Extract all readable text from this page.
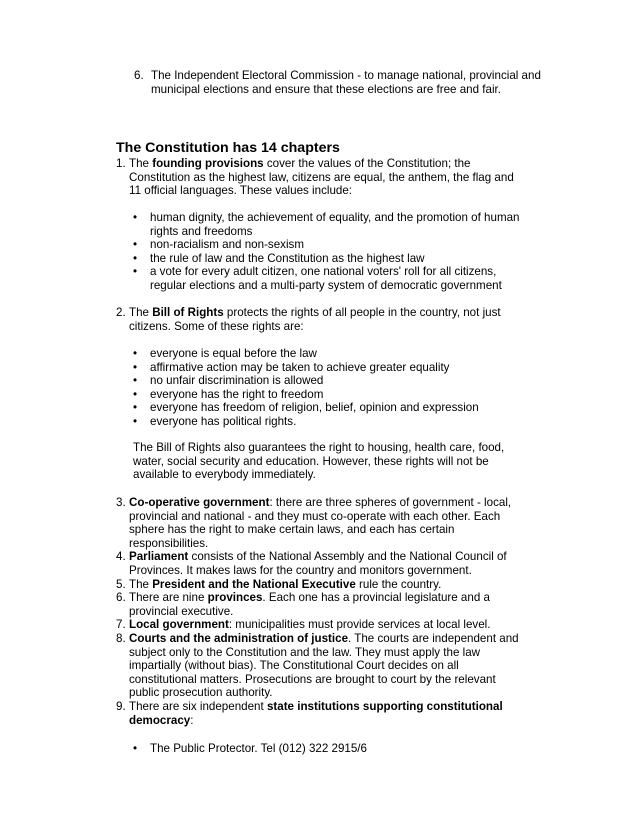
6. The Independent Electoral Commission - to manage national, provincial and municipal elections and ensure that these elections are free and fair.
The Constitution has 14 chapters
1. The founding provisions cover the values of the Constitution; the Constitution as the highest law, citizens are equal, the anthem, the flag and 11 official languages. These values include:
• human dignity, the achievement of equality, and the promotion of human rights and freedoms
• non-racialism and non-sexism
• the rule of law and the Constitution as the highest law
• a vote for every adult citizen, one national voters' roll for all citizens, regular elections and a multi-party system of democratic government
2. The Bill of Rights protects the rights of all people in the country, not just citizens. Some of these rights are:
• everyone is equal before the law
• affirmative action may be taken to achieve greater equality
• no unfair discrimination is allowed
• everyone has the right to freedom
• everyone has freedom of religion, belief, opinion and expression
• everyone has political rights.
The Bill of Rights also guarantees the right to housing, health care, food, water, social security and education. However, these rights will not be available to everybody immediately.
3. Co-operative government: there are three spheres of government - local, provincial and national - and they must co-operate with each other. Each sphere has the right to make certain laws, and each has certain responsibilities.
4. Parliament consists of the National Assembly and the National Council of Provinces. It makes laws for the country and monitors government.
5. The President and the National Executive rule the country.
6. There are nine provinces. Each one has a provincial legislature and a provincial executive.
7. Local government: municipalities must provide services at local level.
8. Courts and the administration of justice. The courts are independent and subject only to the Constitution and the law. They must apply the law impartially (without bias). The Constitutional Court decides on all constitutional matters. Prosecutions are brought to court by the relevant public prosecution authority.
9. There are six independent state institutions supporting constitutional democracy:
• The Public Protector. Tel (012) 322 2915/6
